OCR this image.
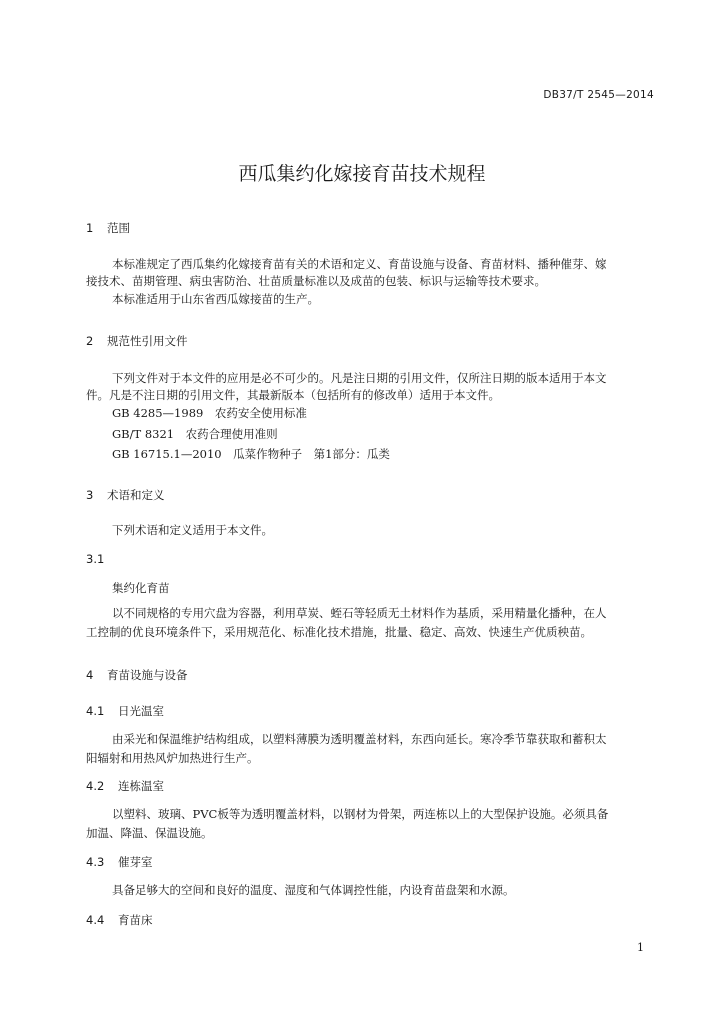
DB37/T 2545—2014
西瓜集约化嫁接育苗技术规程
1 范围
本标准规定了西瓜集约化嫁接育苗有关的术语和定义、育苗设施与设备、育苗材料、播种催芽、嫁
接技术、苗期管理、病虫害防治、壮苗质量标准以及成苗的包装、标识与运输等技术要求。
本标准适用于山东省西瓜嫁接苗的生产。
2 规范性引用文件
下列文件对于本文件的应用是必不可少的。凡是注日期的引用文件，仅所注日期的版本适用于本文
件。凡是不注日期的引用文件，其最新版本（包括所有的修改单）适用于本文件。
GB 4285—1989　农药安全使用标准
GB/T 8321　农药合理使用准则
GB 16715.1—2010　瓜菜作物种子　第1部分：瓜类
3 术语和定义
下列术语和定义适用于本文件。
3.1
集约化育苗
以不同规格的专用穴盘为容器，利用草炭、蛭石等轻质无土材料作为基质，采用精量化播种，在人
工控制的优良环境条件下，采用规范化、标准化技术措施，批量、稳定、高效、快速生产优质秧苗。
4 育苗设施与设备
4.1 日光温室
由采光和保温维护结构组成，以塑料薄膜为透明覆盖材料，东西向延长。寒冷季节靠获取和蓄积太
阳辐射和用热风炉加热进行生产。
4.2 连栋温室
以塑料、玻璃、PVC板等为透明覆盖材料，以钢材为骨架，两连栋以上的大型保护设施。必须具备
加温、降温、保温设施。
4.3 催芽室
具备足够大的空间和良好的温度、湿度和气体调控性能，内设育苗盘架和水源。
4.4 育苗床
1
